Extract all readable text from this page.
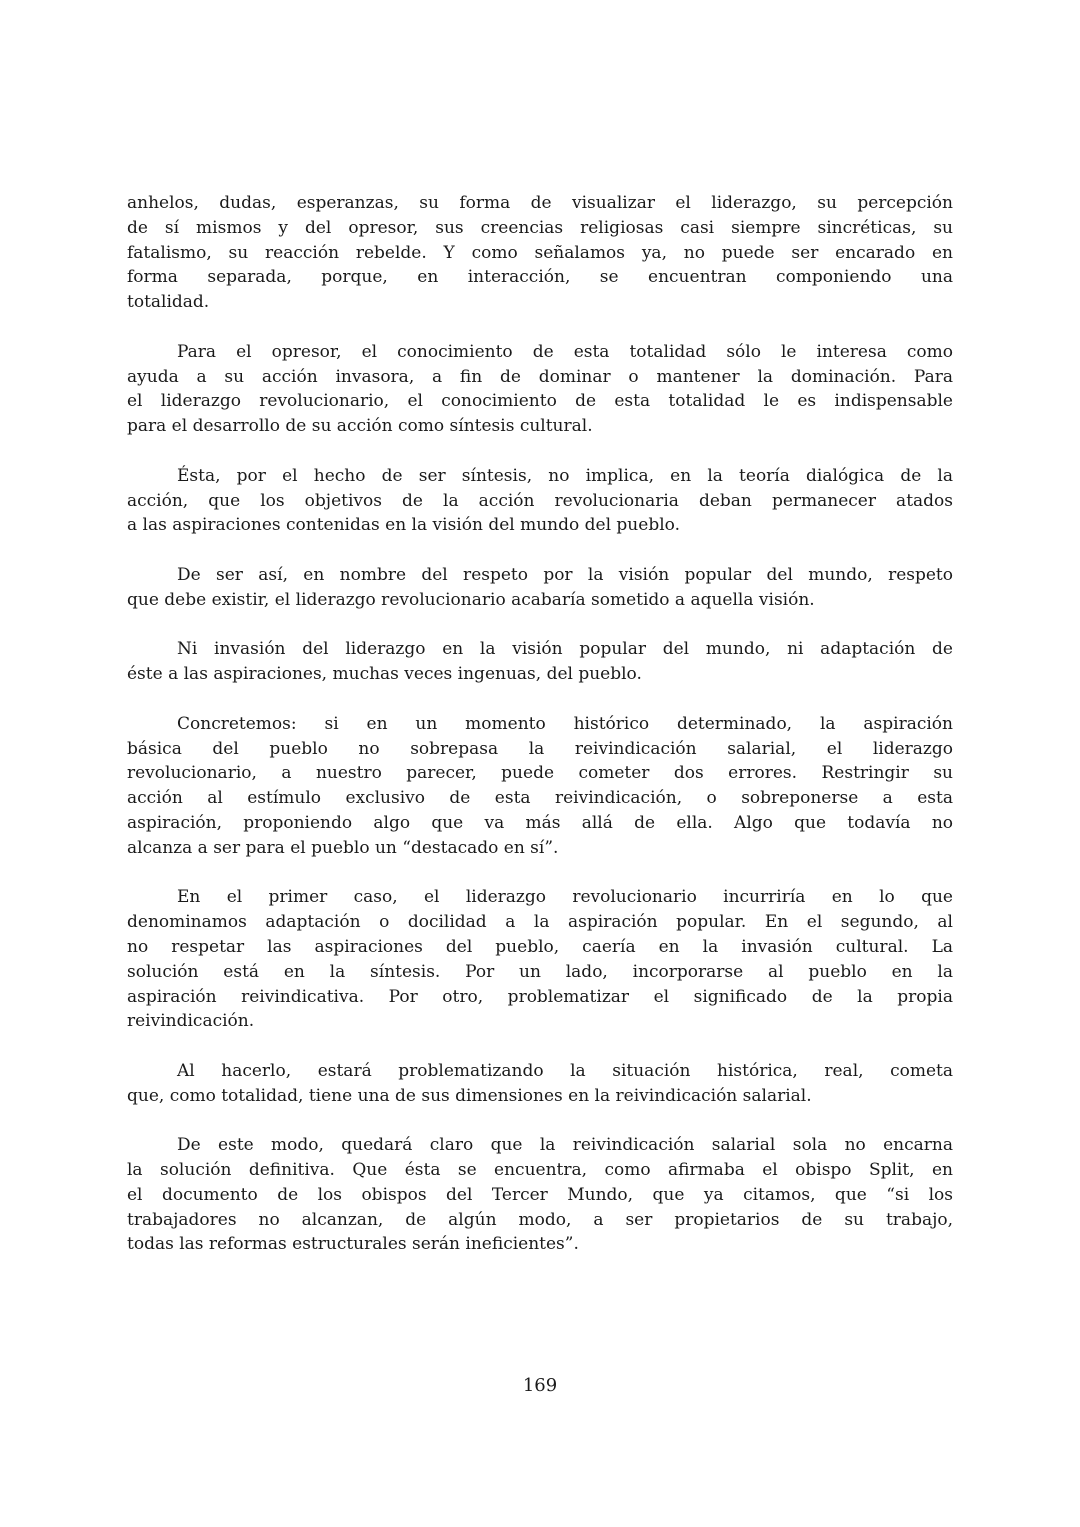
anhelos, dudas, esperanzas, su forma de visualizar el liderazgo, su percepción
de sí mismos y del opresor, sus creencias religiosas casi siempre sincréticas, su
fatalismo, su reacción rebelde. Y como señalamos ya, no puede ser encarado en
forma separada, porque, en interacción, se encuentran componiendo una
totalidad.
Para el opresor, el conocimiento de esta totalidad sólo le interesa como
ayuda a su acción invasora, a fin de dominar o mantener la dominación. Para
el liderazgo revolucionario, el conocimiento de esta totalidad le es indispensable
para el desarrollo de su acción como síntesis cultural.
Ésta, por el hecho de ser síntesis, no implica, en la teoría dialógica de la
acción, que los objetivos de la acción revolucionaria deban permanecer atados
a las aspiraciones contenidas en la visión del mundo del pueblo.
De ser así, en nombre del respeto por la visión popular del mundo, respeto
que debe existir, el liderazgo revolucionario acabaría sometido a aquella visión.
Ni invasión del liderazgo en la visión popular del mundo, ni adaptación de
éste a las aspiraciones, muchas veces ingenuas, del pueblo.
Concretemos: si en un momento histórico determinado, la aspiración
básica del pueblo no sobrepasa la reivindicación salarial, el liderazgo
revolucionario, a nuestro parecer, puede cometer dos errores. Restringir su
acción al estímulo exclusivo de esta reivindicación, o sobreponerse a esta
aspiración, proponiendo algo que va más allá de ella. Algo que todavía no
alcanza a ser para el pueblo un “destacado en sí”.
En el primer caso, el liderazgo revolucionario incurriría en lo que
denominamos adaptación o docilidad a la aspiración popular. En el segundo, al
no respetar las aspiraciones del pueblo, caería en la invasión cultural. La
solución está en la síntesis. Por un lado, incorporarse al pueblo en la
aspiración reivindicativa. Por otro, problematizar el significado de la propia
reivindicación.
Al hacerlo, estará problematizando la situación histórica, real, cometa
que, como totalidad, tiene una de sus dimensiones en la reivindicación salarial.
De este modo, quedará claro que la reivindicación salarial sola no encarna
la solución definitiva. Que ésta se encuentra, como afirmaba el obispo Split, en
el documento de los obispos del Tercer Mundo, que ya citamos, que “si los
trabajadores no alcanzan, de algún modo, a ser propietarios de su trabajo,
todas las reformas estructurales serán ineficientes”.
169
